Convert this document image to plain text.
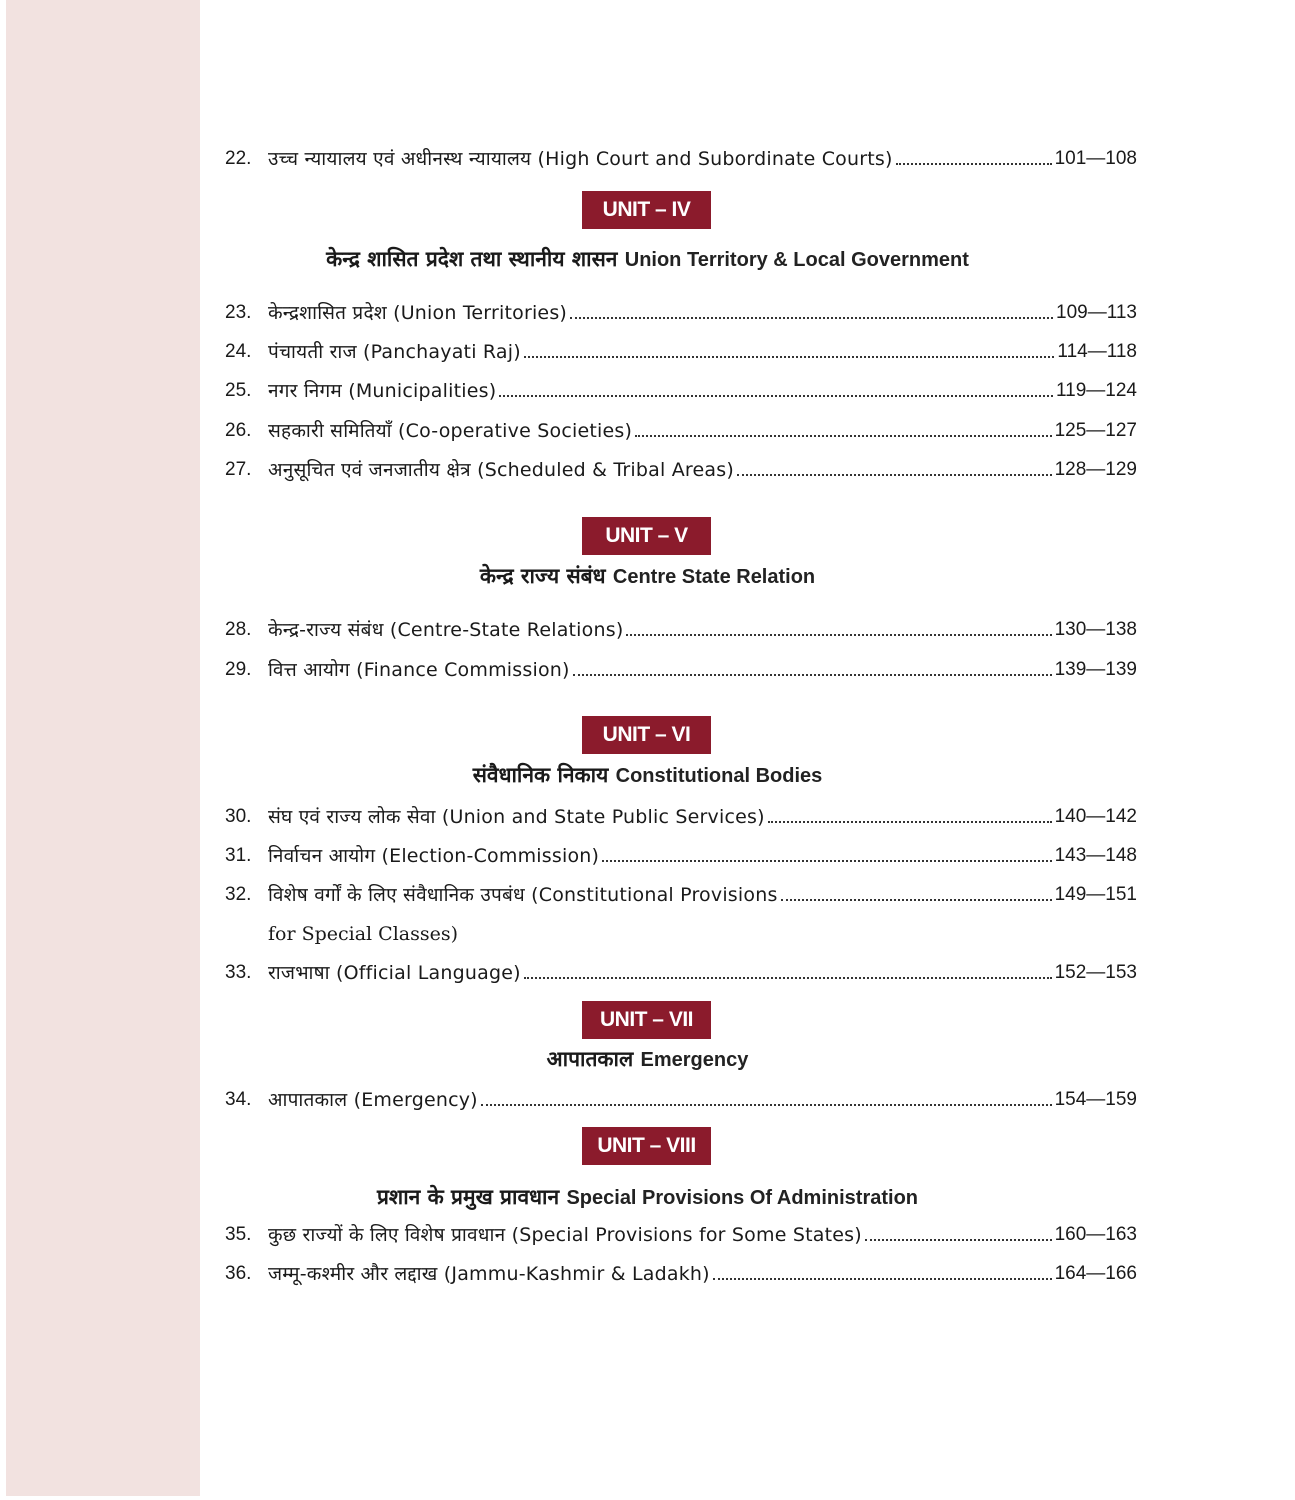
22. उच्च न्यायालय एवं अधीनस्थ न्यायालय (High Court and Subordinate Courts)	101—108
UNIT – IV
केन्द्र शासित प्रदेश तथा स्थानीय शासन Union Territory & Local Government
23. केन्द्रशासित प्रदेश (Union Territories)	109—113
24. पंचायती राज (Panchayati Raj)	114—118
25. नगर निगम (Municipalities)	119—124
26. सहकारी समितियाँ (Co-operative Societies)	125—127
27. अनुसूचित एवं जनजातीय क्षेत्र (Scheduled & Tribal Areas)	128—129
UNIT – V
केन्द्र राज्य संबंध Centre State Relation
28. केन्द्र-राज्य संबंध (Centre-State Relations)	130—138
29. वित्त आयोग (Finance Commission)	139—139
UNIT – VI
संवैधानिक निकाय Constitutional Bodies
30. संघ एवं राज्य लोक सेवा (Union and State Public Services)	140—142
31. निर्वाचन आयोग (Election-Commission)	143—148
32. विशेष वर्गों के लिए संवैधानिक उपबंध (Constitutional Provisions	149—151
for Special Classes)
33. राजभाषा (Official Language)	152—153
UNIT – VII
आपातकाल Emergency
34. आपातकाल (Emergency)	154—159
UNIT – VIII
प्रशान के प्रमुख प्रावधान Special Provisions Of Administration
35. कुछ राज्यों के लिए विशेष प्रावधान (Special Provisions for Some States)	160—163
36. जम्मू-कश्मीर और लद्दाख (Jammu-Kashmir & Ladakh)	164—166
